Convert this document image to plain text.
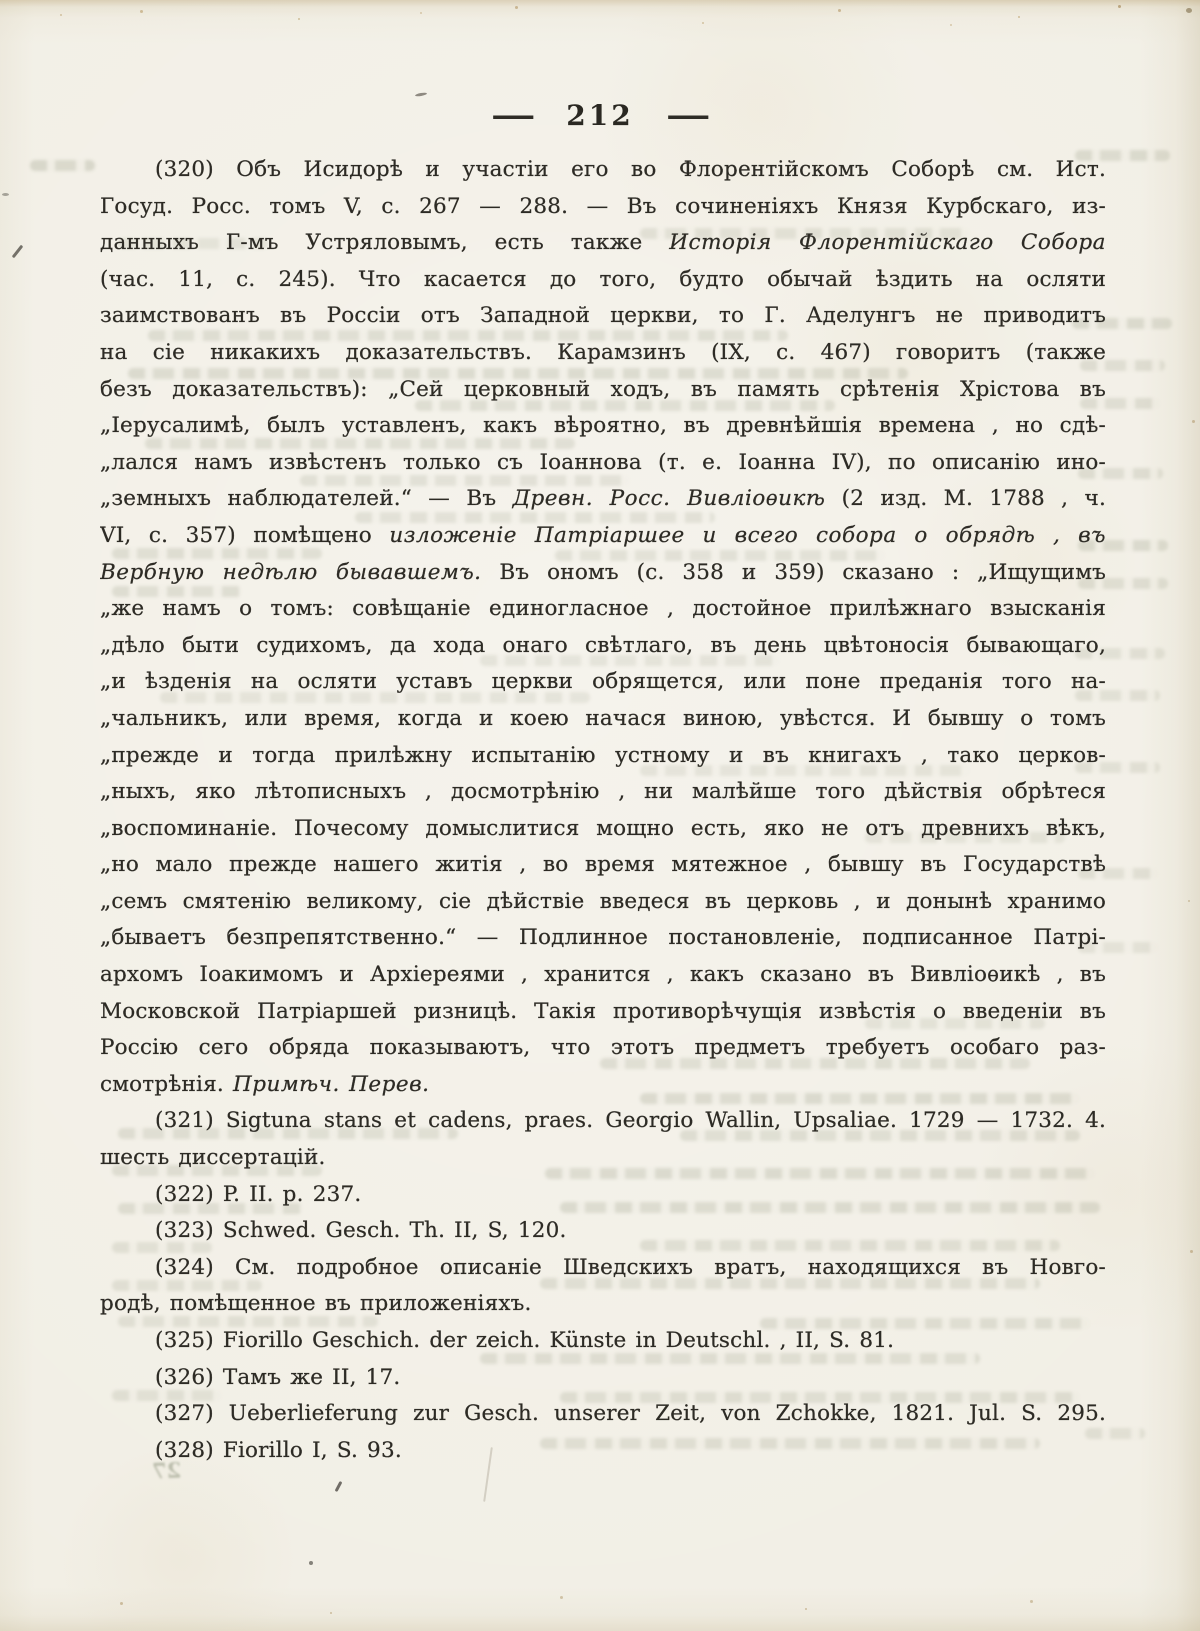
— 212 —
(320) Объ Исидорѣ и участіи его во Флорентійскомъ Соборѣ см. Ист.
Госуд. Росс. томъ V, с. 267 — 288. — Въ сочиненіяхъ Князя Курбскаго, из-
данныхъ Г-мъ Устряловымъ, есть также Исторія Флорентійскаго Собора
(час. 11, с. 245). Что касается до того, будто обычай ѣздить на осляти
заимствованъ въ Россіи отъ Западной церкви, то Г. Аделунгъ не приводитъ
на сіе никакихъ доказательствъ. Карамзинъ (IX, с. 467) говоритъ (также
безъ доказательствъ): „Сей церковный ходъ, въ память срѣтенія Хрістова въ
„Іерусалимѣ, былъ уставленъ, какъ вѣроятно, въ древнѣйшія времена , но сдѣ-
„лался намъ извѣстенъ только съ Іоаннова (т. е. Іоанна IV), по описанію ино-
„земныхъ наблюдателей.“ — Въ Древн. Росс. Вивліоѳикѣ (2 изд. М. 1788 , ч.
VI, с. 357) помѣщено изложеніе Патріаршее и всего собора о обрядѣ , въ
Вербную недѣлю бывавшемъ. Въ ономъ (с. 358 и 359) сказано : „Ищущимъ
„же намъ о томъ: совѣщаніе единогласное , достойное прилѣжнаго взысканія
„дѣло быти судихомъ, да хода онаго свѣтлаго, въ день цвѣтоносія бывающаго,
„и ѣзденія на осляти уставъ церкви обрящется, или поне преданія того на-
„чальникъ, или время, когда и коею начася виною, увѣстся. И бывшу о томъ
„прежде и тогда прилѣжну испытанію устному и въ книгахъ , тако церков-
„ныхъ, яко лѣтописныхъ , досмотрѣнію , ни малѣйше того дѣйствія обрѣтеся
„воспоминаніе. Почесому домыслитися мощно есть, яко не отъ древнихъ вѣкъ,
„но мало прежде нашего житія , во время мятежное , бывшу въ Государствѣ
„семъ смятенію великому, сіе дѣйствіе введеся въ церковь , и донынѣ хранимо
„бываетъ безпрепятственно.“ — Подлинное постановленіе, подписанное Патрі-
архомъ Іоакимомъ и Архіереями , хранится , какъ сказано въ Вивліоѳикѣ , въ
Московской Патріаршей ризницѣ. Такія противорѣчущія извѣстія о введеніи въ
Россію сего обряда показываютъ, что этотъ предметъ требуетъ особаго раз-
смотрѣнія. Примѣч. Перев.
(321) Sigtuna stans et cadens, praes. Georgio Wallin, Upsaliae. 1729 — 1732. 4.
шесть диссертацій.
(322) P. II. p. 237.
(323) Schwed. Gesch. Th. II, S, 120.
(324) См. подробное описаніе Шведскихъ вратъ, находящихся въ Новго-
родѣ, помѣщенное въ приложеніяхъ.
(325) Fiorillo Geschich. der zeich. Künste in Deutschl. , II, S. 81.
(326) Тамъ же II, 17.
(327) Ueberlieferung zur Gesch. unserer Zeit, von Zchokke, 1821. Jul. S. 295.
(328) Fiorillo I, S. 93.
27
